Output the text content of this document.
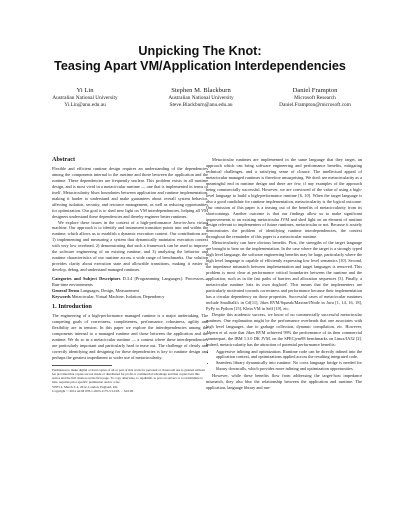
Unpicking The Knot:
Teasing Apart VM/Application Interdependencies
Yi Lin
Australian National University
Yi.Lin@anu.edu.au
Stephen M. Blackburn
Australian National University
Steve.Blackburn@anu.edu.au
Daniel Frampton
Microsoft Research
Daniel.Frampton@microsoft.com
Abstract

Flexible and efficient runtime design requires an understanding of the dependencies among the components internal to the runtime and those between the application and the runtime. These dependencies are frequently unclear. This problem exists in all runtime design, and is most vivid in a metacircular runtime — one that is implemented in terms of itself. Metacircularity blurs boundaries between application and runtime implementation, making it harder to understand and make guarantees about overall system behavior, affecting isolation, security, and resource management, as well as reducing opportunities for optimization. Our goal is to shed new light on VM interdependencies, helping all VM designers understand these dependencies and thereby engineer better runtimes.

We explore these issues in the context of a high-performance Java-in-Java virtual machine. Our approach is to identify and instrument transition points into and within the runtime, which allows us to establish a dynamic execution context. Our contributions are: 1) implementing and measuring a system that dynamically maintains execution context with very low overhead, 2) demonstrating that such a framework can be used to improve the software engineering of an existing runtime, and 3) analyzing the behavior and runtime characteristics of our runtime across a wide range of benchmarks. Our solution provides clarity about execution state and allowable transitions, making it easier to develop, debug, and understand managed runtimes.

Categories and Subject Descriptors D.3.4 [Programming Languages]: Processors—Run-time environments

General Terms Languages, Design, Measurement

Keywords Metacircular, Virtual Machine, Isolation, Dependency

1. Introduction

The engineering of a high-performance managed runtime is a major undertaking. The competing goals of correctness, completeness, performance, robustness, agility and flexibility are in tension. In this paper we explore the interdependencies among the components internal to a managed runtime and those between the application and the runtime. We do so in a metacircular runtime — a context where these interdependencies are particularly important and particularly hard to tease out. The challenge of clearly and correctly identifying and designing for these dependencies is key to runtime design and perhaps the greatest impediment to wider use of metacircularity.

Permission to make digital or hard copies of all or part of this work for personal or classroom use is granted without fee provided that copies are not made or distributed for profit or commercial advantage and that copies bear this notice and the full citation on the first page. To copy otherwise, to republish, to post on servers or to redistribute to lists, requires prior specific permission and/or a fee.

VEE'12, March 3–4, 2012, London, England, UK.

Copyright © 2012 ACM 978-1-4503-1175-5/12/03. . . $10.00

Metacircular runtimes are implemented in the same language that they target, an approach which can bring software engineering and performance benefits, mitigating technical challenges, and a satisfying sense of closure. The intellectual appeal of metacircular managed runtimes is therefore unsurprising. We don't see metacircularity as a meaningful end in runtime design and there are few, if any examples of the approach being commercially successful. However, we are convinced of the value of using a high-level language to build a high-performance runtime [6, 10]. When the target language is also a good candidate for runtime implementation, metacircularity is the logical outcome. Our omission of this paper is a teasing out of the benefits of metacircularity from its shortcomings. Another outcome is that our findings allow us to make significant improvements to an existing metacircular JVM and shed light on an element of runtime design relevant to implementers of future runtimes, metacircular or not. Because it acutely demonstrates the problem of identifying runtime interdependencies, the context throughout the remainder of this paper is a metacircular runtime.

Metacircularity can have obvious benefits. First, the strengths of the target language are brought to bear on the implementation. In the case where the target is a strongly typed high level language, the software engineering benefits may be large, particularly where the high level language is capable of efficiently expressing low level semantics [10]. Second, the impedance mismatch between implementation and target languages is removed. This problem is most clear at performance critical boundaries between the runtime and the application, such as in the fast paths of barriers and allocation sequences [3]. Finally, a metacircular runtime 'eats its own dogfood'. This means that the implementers are particularly motivated towards correctness and performance because their implementation has a circular dependency on those properties. Successful cases of metacircular runtimes include Smalltalk's in C#[11], Jikes RVM/Squeak/Maxine/JNode in Java [1, 14, 16, 18], PyPy in Python [15], Klein VM in Self [19], etc.

Despite this academic success, we know of no commercially successful metacircular runtimes. One explanation might be the performance overheads that one associates with high level languages, due to garbage collection, dynamic compilation, etc. However, Alpern et al. note that Jikes RVM achieved 99% the performance of its then commercial counterpart, the IBM 1.3.0 DK JVM, on the SPECjvm98 benchmarks on Linux/IA32 [2]. Indeed, metacircularity has the attraction of potential performance benefits:

• Aggressive inlining and optimization. Runtime code can be directly inlined into the application context, and optimizations applied across the resulting integrated code.
• Seamless library dynamically into runtime. No cross language bridge is needed for library downcalls, which provides more inlining and optimization opportunities.

However, while these benefits flow from addressing the target-host impedance mismatch, they also blur the relationship between the application and runtime. The application, language library and run-
